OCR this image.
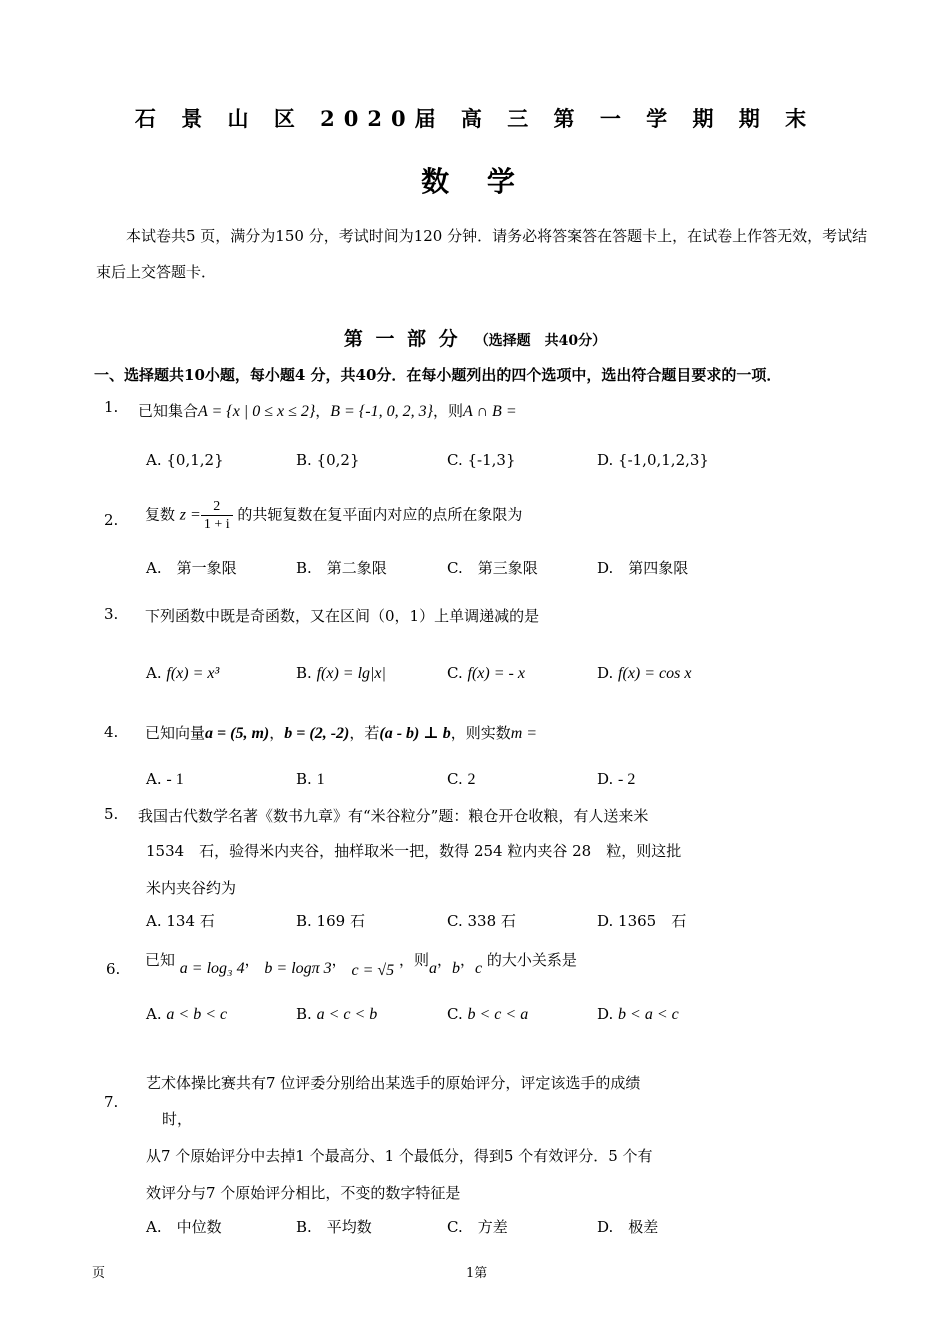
石 景 山 区 2020届 高 三 第 一 学 期 期 末
数 学
本试卷共5 页，满分为150 分，考试时间为120 分钟．请务必将答案答在答题卡上，在试卷上作答无效，考试结束后上交答题卡．
第 一 部 分 （选择题　共40分）
一、选择题共10小题，每小题4 分，共40分．在每小题列出的四个选项中，选出符合题目要求的一项．
1. 已知集合A = {x | 0 ≤ x ≤ 2}，B = {-1, 0, 2, 3}，则A ∩ B =
A. {0,1,2}	B. {0,2}	C. {-1,3}	D. {-1,0,1,2,3}
2. 复数 $z = \frac{2}{1 + i}$ 的共轭复数在复平面内对应的点所在象限为
A.　第一象限	B.　第二象限	C.　第三象限	D.　第四象限
3. 下列函数中既是奇函数，又在区间（0，1）上单调递减的是
A. f(x) = x³	B. f(x) = lg|x|	C. f(x) = - x	D. f(x) = cos x
4. 已知向量a = (5, m)，b = (2, -2)，若(a - b) ⊥ b，则实数m =
A. - 1	B. 1	C. 2	D. - 2
5. 我国古代数学名著《数书九章》有“米谷粒分”题：粮仓开仓收粮，有人送来米
1534　石，验得米内夹谷，抽样取米一把，数得 254 粒内夹谷 28　粒，则这批
米内夹谷约为
A. 134 石	B. 169 石	C. 338 石	D. 1365　石
6. 已知 a = log₃ 4， b = logπ 3， c = √5 ，则a，b，c 的大小关系是
A. a < b < c	B. a < c < b	C. b < c < a	D. b < a < c
7.
艺术体操比赛共有7 位评委分别给出某选手的原始评分，评定该选手的成绩
时，
从7 个原始评分中去掉1 个最高分、1 个最低分，得到5 个有效评分．5 个有
效评分与7 个原始评分相比，不变的数字特征是
A.　中位数	B.　平均数	C.　方差	D.　极差
页	1第
